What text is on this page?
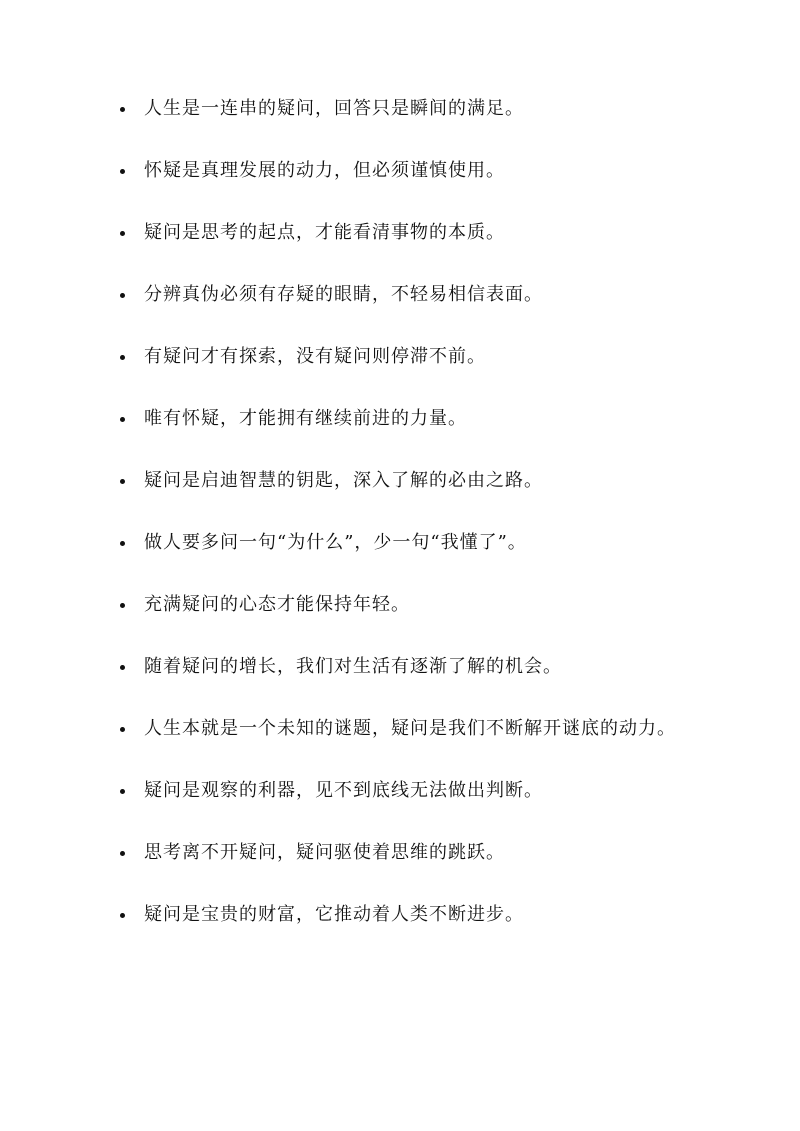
人生是一连串的疑问，回答只是瞬间的满足。
怀疑是真理发展的动力，但必须谨慎使用。
疑问是思考的起点，才能看清事物的本质。
分辨真伪必须有存疑的眼睛，不轻易相信表面。
有疑问才有探索，没有疑问则停滞不前。
唯有怀疑，才能拥有继续前进的力量。
疑问是启迪智慧的钥匙，深入了解的必由之路。
做人要多问一句“为什么”，少一句“我懂了”。
充满疑问的心态才能保持年轻。
随着疑问的增长，我们对生活有逐渐了解的机会。
人生本就是一个未知的谜题，疑问是我们不断解开谜底的动力。
疑问是观察的利器，见不到底线无法做出判断。
思考离不开疑问，疑问驱使着思维的跳跃。
疑问是宝贵的财富，它推动着人类不断进步。
